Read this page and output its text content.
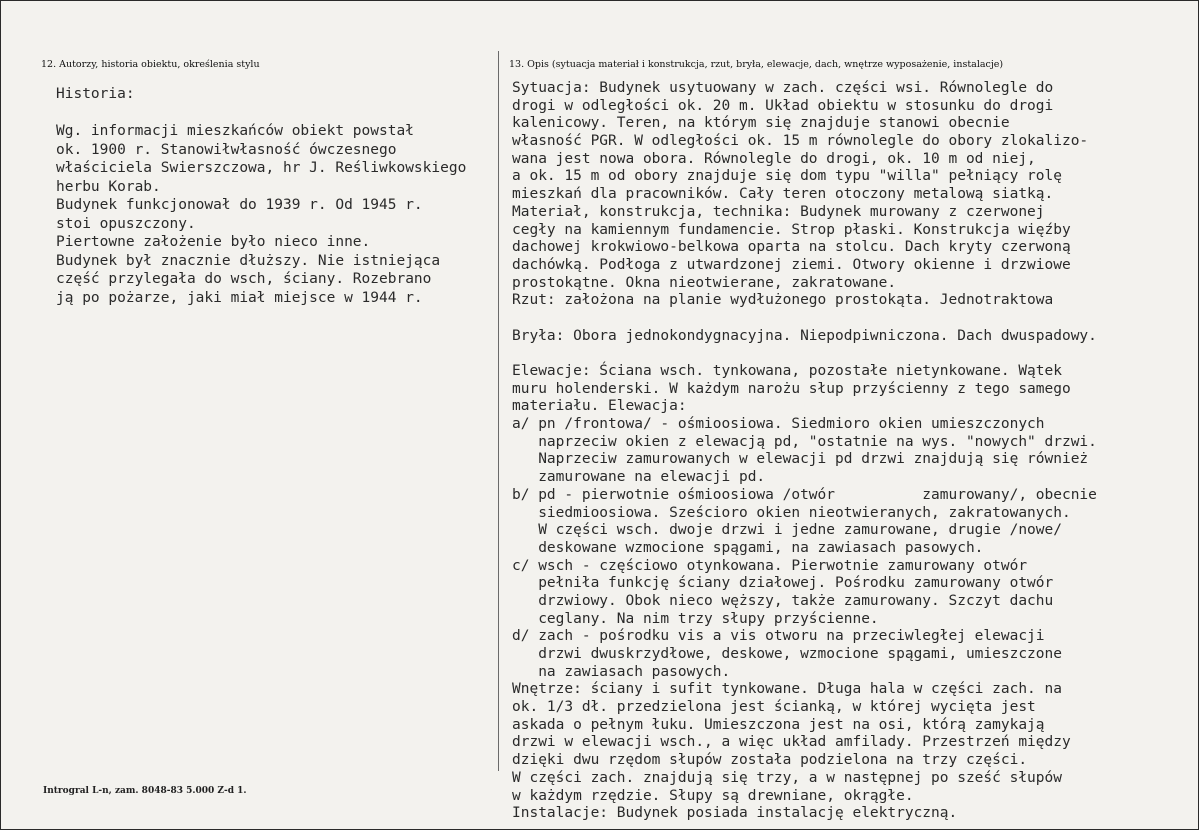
12. Autorzy, historia obiektu, określenia stylu	13. Opis (sytuacja materiał i konstrukcja, rzut, bryła, elewacje, dach, wnętrze wyposażenie, instalacje)
Historia:
Wg. informacji mieszkańców obiekt powstał
ok. 1900 r. Stanowiłwłasność ówczesnego
właściciela Swierszczowa, hr J. Reśliwkowskiego
herbu Korab.
Budynek funkcjonował do 1939 r. Od 1945 r.
stoi opuszczony.
Piertowne założenie było nieco inne.
Budynek był znacznie dłuższy. Nie istniejąca
część przylegała do wsch, ściany. Rozebrano
ją po pożarze, jaki miał miejsce w 1944 r.
Sytuacja: Budynek usytuowany w zach. części wsi. Równolegle do
drogi w odległości ok. 20 m. Układ obiektu w stosunku do drogi
kalenicowy. Teren, na którym się znajduje stanowi obecnie
własność PGR. W odległości ok. 15 m równolegle do obory zlokalizo-
wana jest nowa obora. Równolegle do drogi, ok. 10 m od niej,
a ok. 15 m od obory znajduje się dom typu "willa" pełniący rolę
mieszkań dla pracowników. Cały teren otoczony metalową siatką.
Materiał, konstrukcja, technika: Budynek murowany z czerwonej
cegły na kamiennym fundamencie. Strop płaski. Konstrukcja więźby
dachowej krokwiowo-belkowa oparta na stolcu. Dach kryty czerwoną
dachówką. Podłoga z utwardzonej ziemi. Otwory okienne i drzwiowe
prostokątne. Okna nieotwierane, zakratowane.
Rzut: założona na planie wydłużonego prostokąta. Jednotraktowa
Bryła: Obora jednokondygnacyjna. Niepodpiwniczona. Dach dwuspadowy.
Elewacje: Ściana wsch. tynkowana, pozostałe nietynkowane. Wątek
muru holenderski. W każdym narożu słup przyścienny z tego samego
materiału. Elewacja:
a/ pn /frontowa/ - ośmioosiowa. Siedmioro okien umieszczonych
naprzeciw okien z elewacją pd, "ostatnie na wys. "nowych" drzwi.
Naprzeciw zamurowanych w elewacji pd drzwi znajdują się również
zamurowane na elewacji pd.
b/ pd - pierwotnie ośmioosiowa /otwór          zamurowany/, obecnie
siedmioosiowa. Sześcioro okien nieotwieranych, zakratowanych.
W części wsch. dwoje drzwi i jedne zamurowane, drugie /nowe/
deskowane wzmocione spągami, na zawiasach pasowych.
c/ wsch - częściowo otynkowana. Pierwotnie zamurowany otwór
pełniła funkcję ściany działowej. Pośrodku zamurowany otwór
drzwiowy. Obok nieco węższy, także zamurowany. Szczyt dachu
ceglany. Na nim trzy słupy przyścienne.
d/ zach - pośrodku vis a vis otworu na przeciwległej elewacji
drzwi dwuskrzydłowe, deskowe, wzmocione spągami, umieszczone
na zawiasach pasowych.
Wnętrze: ściany i sufit tynkowane. Długa hala w części zach. na
ok. 1/3 dł. przedzielona jest ścianką, w której wycięta jest
askada o pełnym łuku. Umieszczona jest na osi, którą zamykają
drzwi w elewacji wsch., a więc układ amfilady. Przestrzeń między
dzięki dwu rzędom słupów została podzielona na trzy części.
W części zach. znajdują się trzy, a w następnej po sześć słupów
w każdym rzędzie. Słupy są drewniane, okrągłe.
Instalacje: Budynek posiada instalację elektryczną.
Introgral L-n, zam. 8048-83 5.000 Z-d 1.
